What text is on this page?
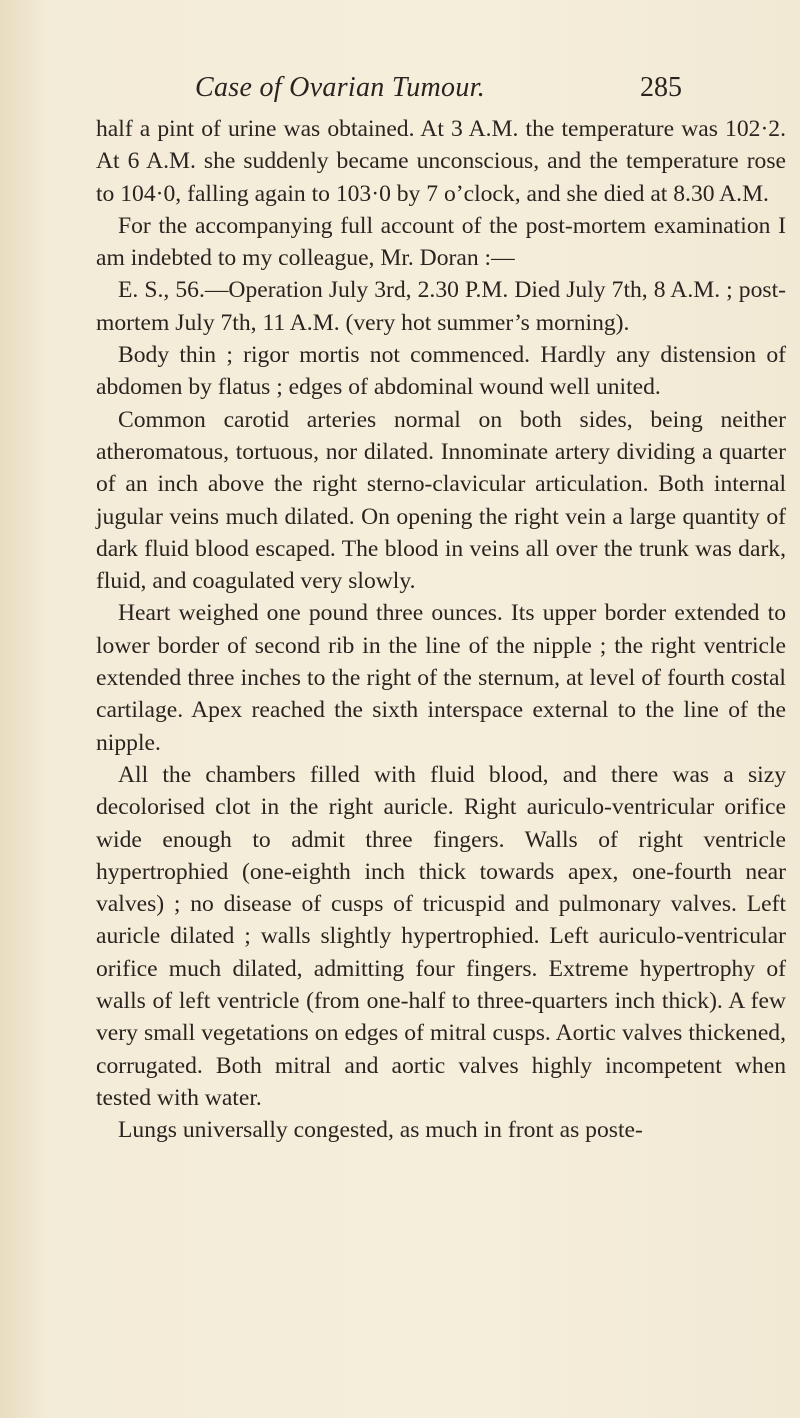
Case of Ovarian Tumour.	285

half a pint of urine was obtained. At 3 A.M. the temperature was 102·2. At 6 A.M. she suddenly became unconscious, and the temperature rose to 104·0, falling again to 103·0 by 7 o’clock, and she died at 8.30 A.M.

For the accompanying full account of the post-mortem examination I am indebted to my colleague, Mr. Doran :—

E. S., 56.—Operation July 3rd, 2.30 P.M. Died July 7th, 8 A.M. ; post-mortem July 7th, 11 A.M. (very hot summer’s morning).

Body thin ; rigor mortis not commenced. Hardly any distension of abdomen by flatus ; edges of abdominal wound well united.

Common carotid arteries normal on both sides, being neither atheromatous, tortuous, nor dilated. Innominate artery dividing a quarter of an inch above the right sterno-clavicular articulation. Both internal jugular veins much dilated. On opening the right vein a large quantity of dark fluid blood escaped. The blood in veins all over the trunk was dark, fluid, and coagulated very slowly.

Heart weighed one pound three ounces. Its upper border extended to lower border of second rib in the line of the nipple ; the right ventricle extended three inches to the right of the sternum, at level of fourth costal cartilage. Apex reached the sixth interspace external to the line of the nipple.

All the chambers filled with fluid blood, and there was a sizy decolorised clot in the right auricle. Right auriculo-ventricular orifice wide enough to admit three fingers. Walls of right ventricle hypertrophied (one-eighth inch thick towards apex, one-fourth near valves) ; no disease of cusps of tricuspid and pulmonary valves. Left auricle dilated ; walls slightly hypertrophied. Left auriculo-ventricular orifice much dilated, admitting four fingers. Extreme hypertrophy of walls of left ventricle (from one-half to three-quarters inch thick). A few very small vegetations on edges of mitral cusps. Aortic valves thickened, corrugated. Both mitral and aortic valves highly incompetent when tested with water.

Lungs universally congested, as much in front as poste-
